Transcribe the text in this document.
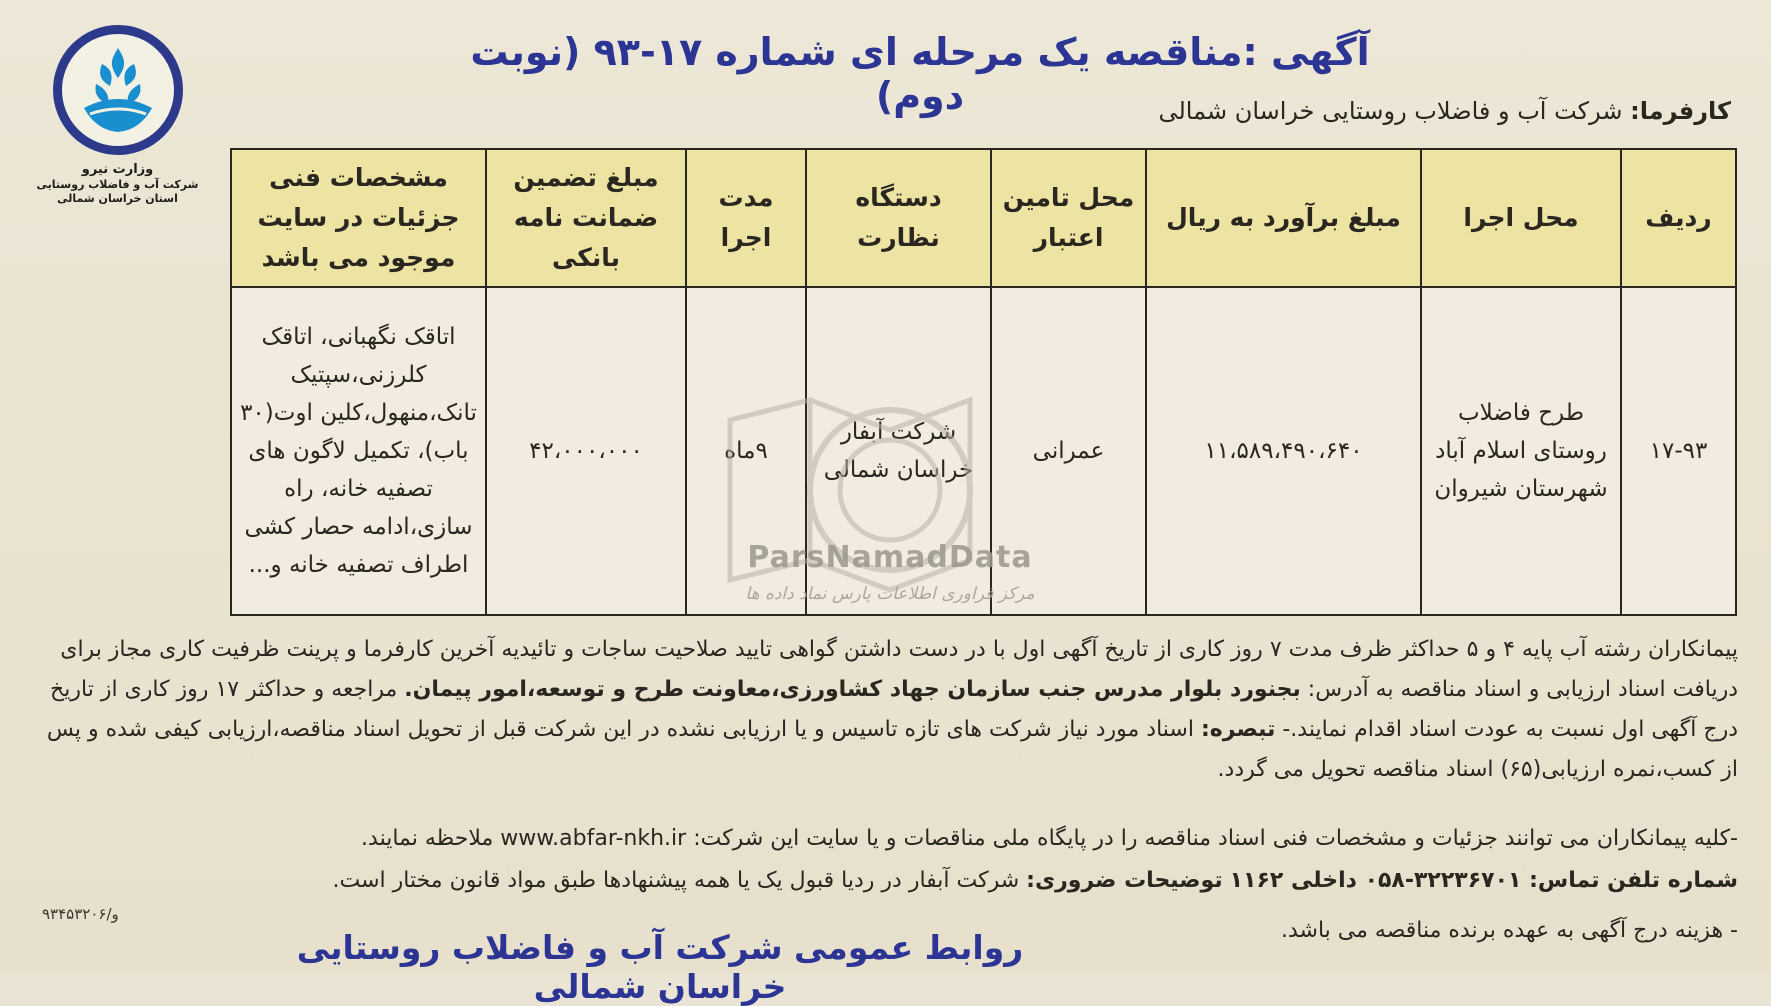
وزارت نیرو
شرکت آب و فاضلاب روستایی
استان خراسان شمالی
آگهی :مناقصه یک مرحله ای شماره ۱۷-۹۳ (نوبت دوم)	کارفرما: شرکت آب و فاضلاب روستایی خراسان شمالی
ردیف	محل اجرا	مبلغ برآورد به ریال	محل تامین اعتبار	دستگاه نظارت	مدت اجرا	مبلغ تضمین ضمانت نامه بانکی	مشخصات فنی جزئیات در سایت موجود می باشد
۱۷-۹۳	طرح فاضلاب روستای اسلام آباد شهرستان شیروان	۱۱،۵۸۹،۴۹۰،۶۴۰	عمرانی	شرکت آبفار خراسان شمالی	۹ماه	۴۲،۰۰۰،۰۰۰	اتاقک نگهبانی، اتاقک کلرزنی،سپتیک تانک،منهول،کلین اوت(۳۰ باب)، تکمیل لاگون های تصفیه خانه، راه سازی،ادامه حصار کشی اطراف تصفیه خانه و...	ParsNamadData
مرکز فراوری اطلاعات پارس نماد داده ها
پیمانکاران رشته آب پایه ۴ و ۵ حداکثر ظرف مدت ۷ روز کاری از تاریخ آگهی اول با در دست داشتن گواهی تایید صلاحیت ساجات و تائیدیه آخرین کارفرما و پرینت ظرفیت کاری مجاز برای دریافت اسناد ارزیابی و اسناد مناقصه به آدرس: بجنورد بلوار مدرس جنب سازمان جهاد کشاورزی،معاونت طرح و توسعه،امور پیمان. مراجعه و حداکثر ۱۷ روز کاری از تاریخ درج آگهی اول نسبت به عودت اسناد اقدام نمایند.- تبصره: اسناد مورد نیاز شرکت های تازه تاسیس و یا ارزیابی نشده در این شرکت قبل از تحویل اسناد مناقصه،ارزیابی کیفی شده و پس از کسب،نمره ارزیابی(۶۵) اسناد مناقصه تحویل می گردد.
-کلیه پیمانکاران می توانند جزئیات و مشخصات فنی اسناد مناقصه را در پایگاه ملی مناقصات و یا سایت این شرکت: www.abfar-nkh.ir ملاحظه نمایند.
شماره تلفن تماس: ۳۲۲۳۶۷۰۱-۰۵۸ داخلی ۱۱۶۲ توضیحات ضروری: شرکت آبفار در ردیا قبول یک یا همه پیشنهادها طبق مواد قانون مختار است.
- هزینه درج آگهی به عهده برنده مناقصه می باشد.
۹۳۴۵۳۲۰۶/و
روابط عمومی شرکت آب و فاضلاب روستایی خراسان شمالی
